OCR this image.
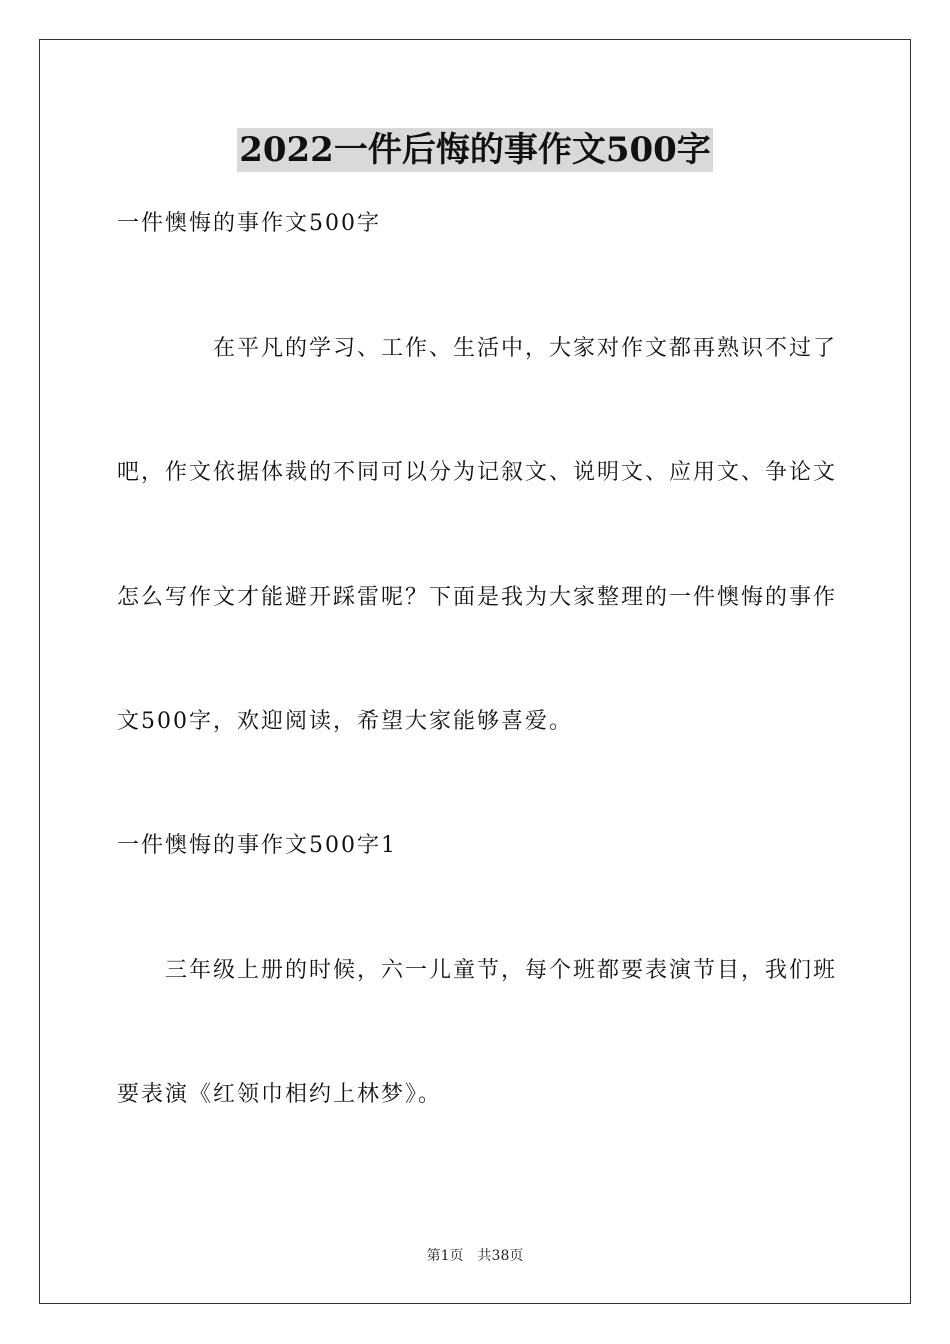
2022一件后悔的事作文500字
一件懊悔的事作文500字
在平凡的学习、工作、生活中，大家对作文都再熟识不过了
吧，作文依据体裁的不同可以分为记叙文、说明文、应用文、争论文
怎么写作文才能避开踩雷呢？下面是我为大家整理的一件懊悔的事作
文500字，欢迎阅读，希望大家能够喜爱。
一件懊悔的事作文500字1
三年级上册的时候，六一儿童节，每个班都要表演节目，我们班
要表演《红领巾相约上林梦》。
第1页　共38页
